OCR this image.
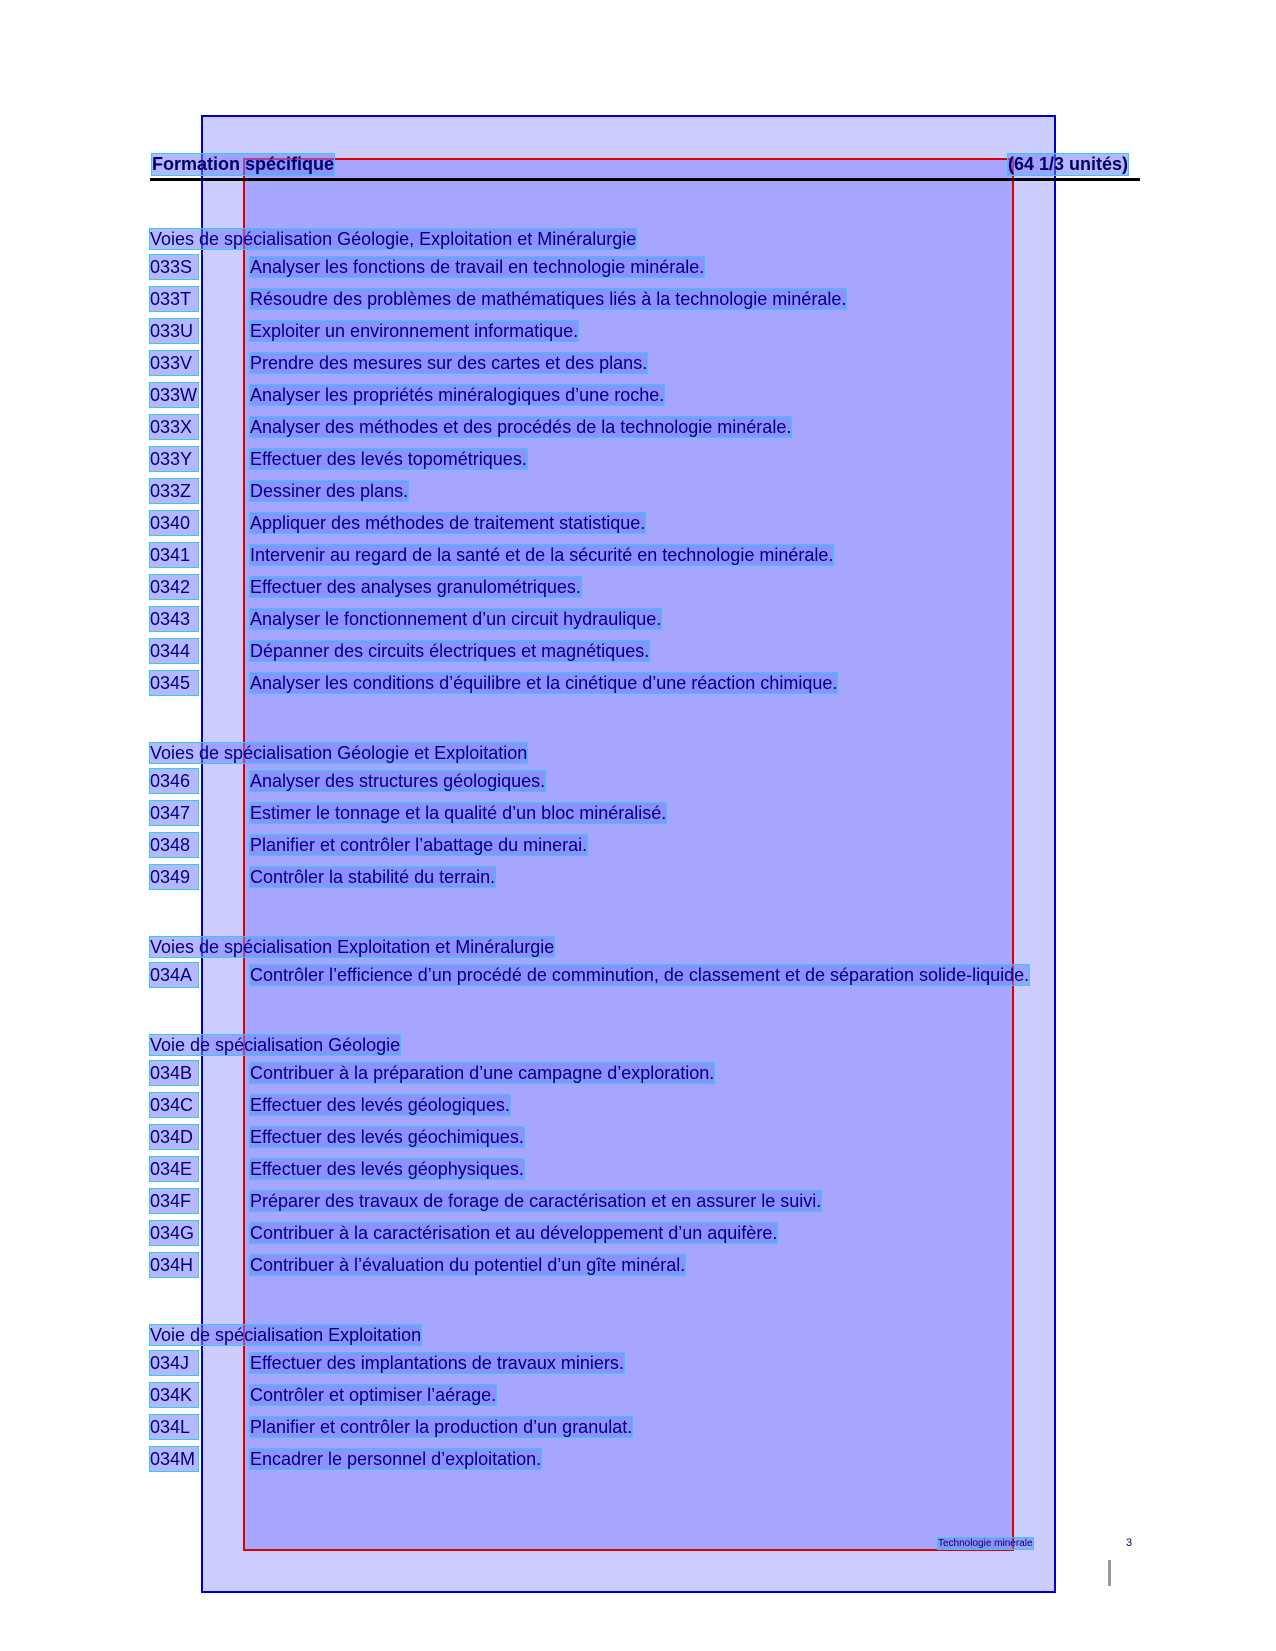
Formation spécifique	(64 1/3 unités)
Voies de spécialisation Géologie, Exploitation et Minéralurgie
033S	Analyser les fonctions de travail en technologie minérale.
033T	Résoudre des problèmes de mathématiques liés à la technologie minérale.
033U	Exploiter un environnement informatique.
033V	Prendre des mesures sur des cartes et des plans.
033W	Analyser les propriétés minéralogiques d’une roche.
033X	Analyser des méthodes et des procédés de la technologie minérale.
033Y	Effectuer des levés topométriques.
033Z	Dessiner des plans.
0340	Appliquer des méthodes de traitement statistique.
0341	Intervenir au regard de la santé et de la sécurité en technologie minérale.
0342	Effectuer des analyses granulométriques.
0343	Analyser le fonctionnement d’un circuit hydraulique.
0344	Dépanner des circuits électriques et magnétiques.
0345	Analyser les conditions d’équilibre et la cinétique d’une réaction chimique.
Voies de spécialisation Géologie et Exploitation
0346	Analyser des structures géologiques.
0347	Estimer le tonnage et la qualité d’un bloc minéralisé.
0348	Planifier et contrôler l’abattage du minerai.
0349	Contrôler la stabilité du terrain.
Voies de spécialisation Exploitation et Minéralurgie
034A	Contrôler l’efficience d’un procédé de comminution, de classement et de séparation solide-liquide.
Voie de spécialisation Géologie
034B	Contribuer à la préparation d’une campagne d’exploration.
034C	Effectuer des levés géologiques.
034D	Effectuer des levés géochimiques.
034E	Effectuer des levés géophysiques.
034F	Préparer des travaux de forage de caractérisation et en assurer le suivi.
034G	Contribuer à la caractérisation et au développement d’un aquifère.
034H	Contribuer à l’évaluation du potentiel d’un gîte minéral.
Voie de spécialisation Exploitation
034J	Effectuer des implantations de travaux miniers.
034K	Contrôler et optimiser l’aérage.
034L	Planifier et contrôler la production d’un granulat.
034M	Encadrer le personnel d’exploitation.
Technologie minérale	3
